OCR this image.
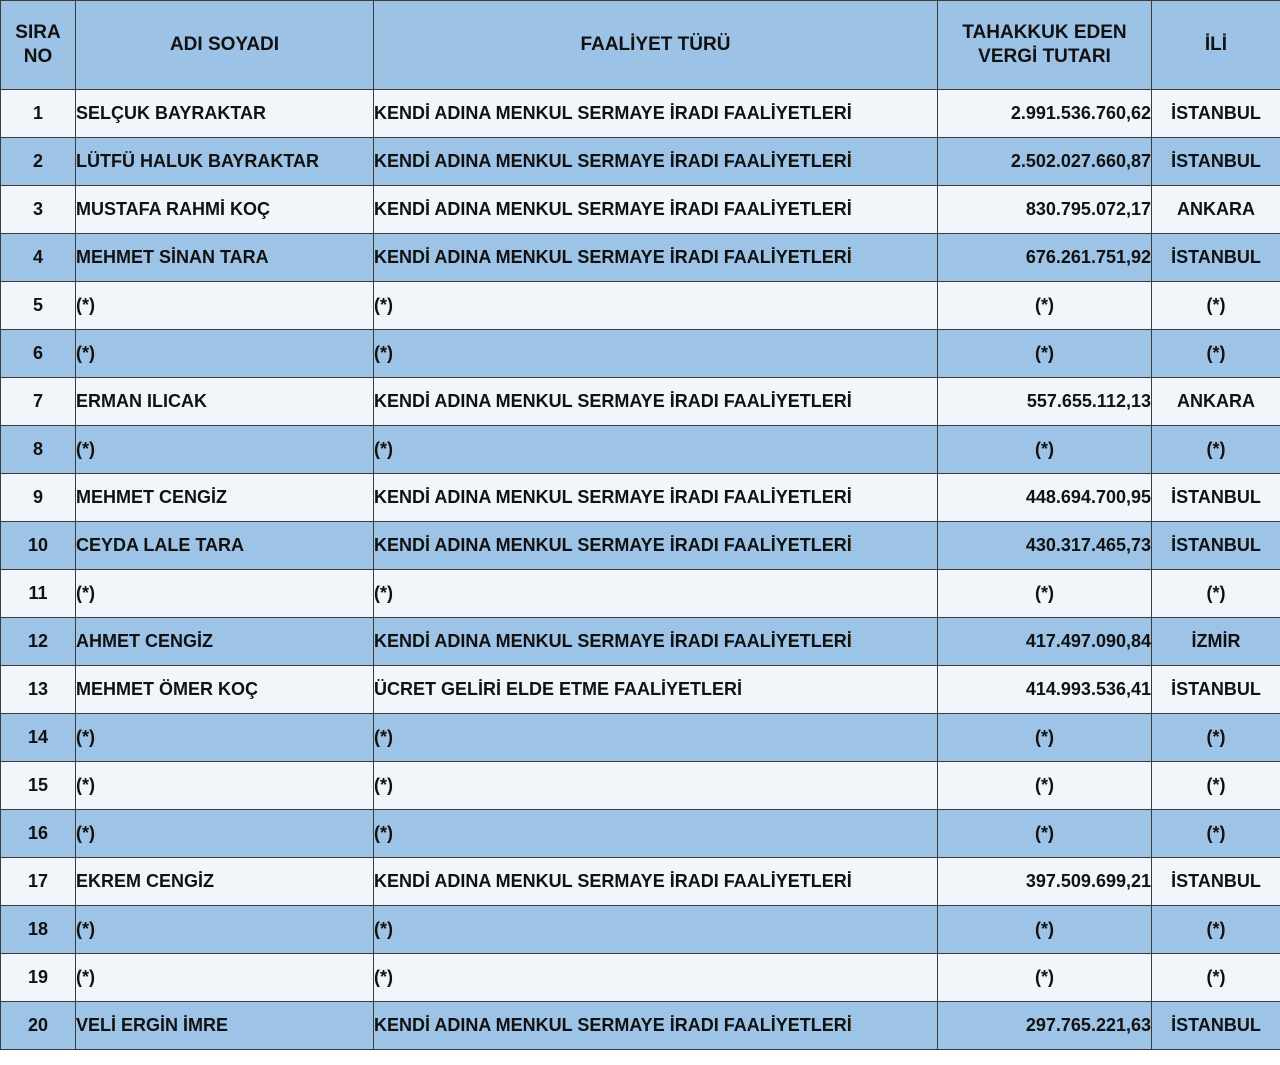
SIRA NO	ADI SOYADI	FAALİYET TÜRÜ	TAHAKKUK EDEN VERGİ TUTARI	İLİ
1	SELÇUK BAYRAKTAR	KENDİ ADINA MENKUL SERMAYE İRADI FAALİYETLERİ	2.991.536.760,62	İSTANBUL
2	LÜTFÜ HALUK BAYRAKTAR	KENDİ ADINA MENKUL SERMAYE İRADI FAALİYETLERİ	2.502.027.660,87	İSTANBUL
3	MUSTAFA RAHMİ KOÇ	KENDİ ADINA MENKUL SERMAYE İRADI FAALİYETLERİ	830.795.072,17	ANKARA
4	MEHMET SİNAN TARA	KENDİ ADINA MENKUL SERMAYE İRADI FAALİYETLERİ	676.261.751,92	İSTANBUL
5	(*)	(*)	(*)	(*)
6	(*)	(*)	(*)	(*)
7	ERMAN ILICAK	KENDİ ADINA MENKUL SERMAYE İRADI FAALİYETLERİ	557.655.112,13	ANKARA
8	(*)	(*)	(*)	(*)
9	MEHMET CENGİZ	KENDİ ADINA MENKUL SERMAYE İRADI FAALİYETLERİ	448.694.700,95	İSTANBUL
10	CEYDA LALE TARA	KENDİ ADINA MENKUL SERMAYE İRADI FAALİYETLERİ	430.317.465,73	İSTANBUL
11	(*)	(*)	(*)	(*)
12	AHMET CENGİZ	KENDİ ADINA MENKUL SERMAYE İRADI FAALİYETLERİ	417.497.090,84	İZMİR
13	MEHMET ÖMER KOÇ	ÜCRET GELİRİ ELDE ETME FAALİYETLERİ	414.993.536,41	İSTANBUL
14	(*)	(*)	(*)	(*)
15	(*)	(*)	(*)	(*)
16	(*)	(*)	(*)	(*)
17	EKREM CENGİZ	KENDİ ADINA MENKUL SERMAYE İRADI FAALİYETLERİ	397.509.699,21	İSTANBUL
18	(*)	(*)	(*)	(*)
19	(*)	(*)	(*)	(*)
20	VELİ ERGİN İMRE	KENDİ ADINA MENKUL SERMAYE İRADI FAALİYETLERİ	297.765.221,63	İSTANBUL
